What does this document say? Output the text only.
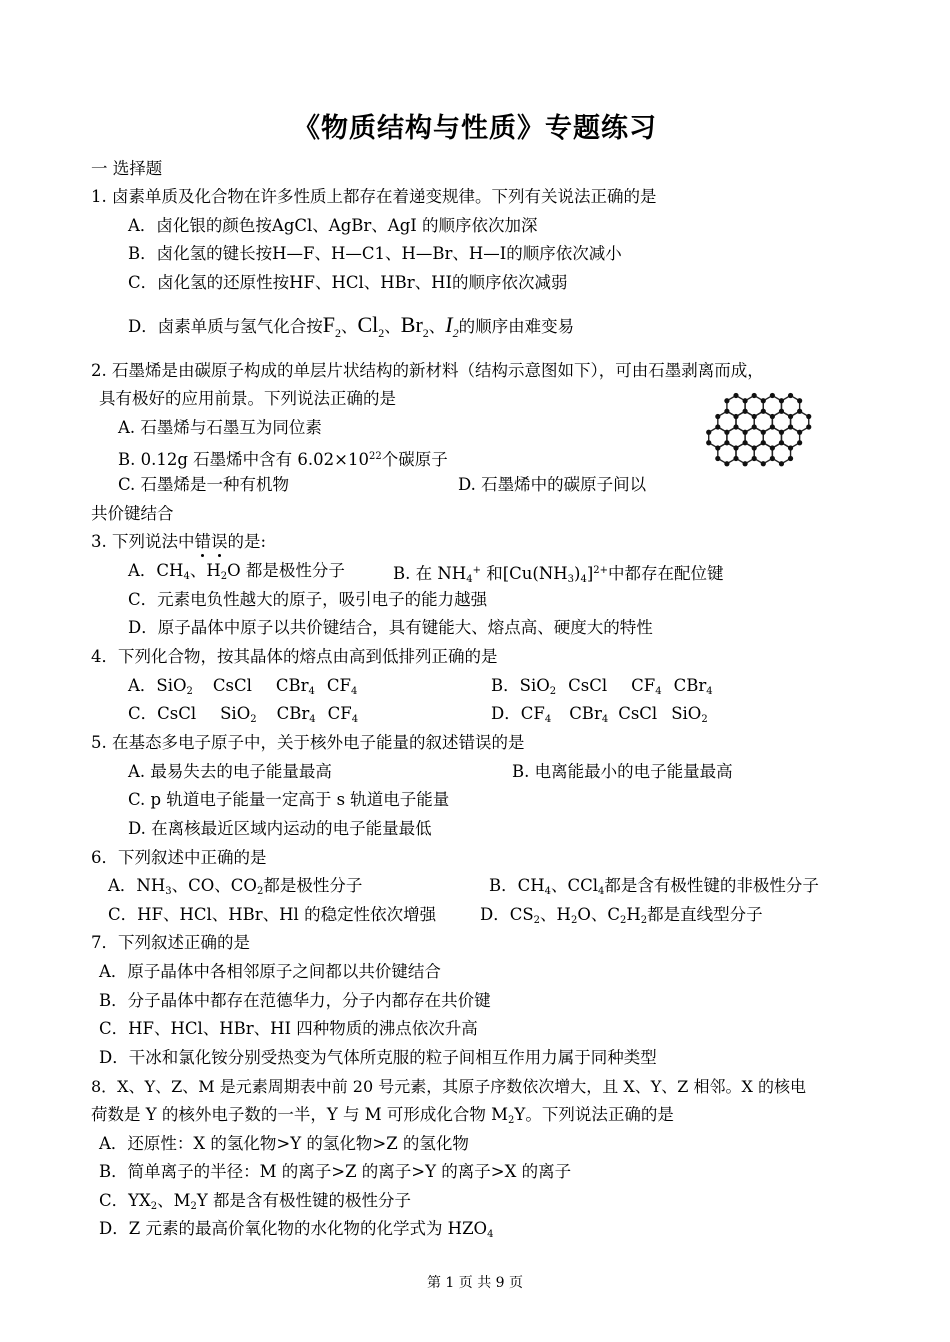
《物质结构与性质》专题练习
一 选择题
1. 卤素单质及化合物在许多性质上都存在着递变规律。下列有关说法正确的是
A．卤化银的颜色按AgCl、AgBr、AgI 的顺序依次加深
B．卤化氢的键长按H—F、H—C1、H—Br、H—I的顺序依次减小
C．卤化氢的还原性按HF、HCl、HBr、HI的顺序依次减弱
D．卤素单质与氢气化合按$F_2$、$Cl_2$、$Br_2$、$I_2$的顺序由难变易
2. 石墨烯是由碳原子构成的单层片状结构的新材料（结构示意图如下），可由石墨剥离而成，
具有极好的应用前景。下列说法正确的是
A. 石墨烯与石墨互为同位素
B. 0.12g 石墨烯中含有 $6.02\times 10^{22}$个碳原子
C. 石墨烯是一种有机物	D. 石墨烯中的碳原子间以
共价键结合
3. 下列说法中错误的是:
A．$CH_4$、$H_2O$ 都是极性分子	B. 在 $NH_4^+$ 和$[Cu(NH_3)_4]^{2+}$中都存在配位键
C．元素电负性越大的原子，吸引电子的能力越强
D．原子晶体中原子以共价键结合，具有键能大、熔点高、硬度大的特性
4．下列化合物，按其晶体的熔点由高到低排列正确的是
A．SiO$_2$ CsCl CBr$_4$ $CF_4$	B．SiO$_2$ CsCl $CF_4$ CBr$_4$
C．CsCl SiO$_2$ CBr$_4$ $CF_4$	D．$CF_4$ CBr$_4$ CsCl SiO$_2$
5. 在基态多电子原子中，关于核外电子能量的叙述错误的是
A. 最易失去的电子能量最高	B. 电离能最小的电子能量最高
C. p 轨道电子能量一定高于 s 轨道电子能量
D. 在离核最近区域内运动的电子能量最低
6．下列叙述中正确的是
A．$NH_3$、CO、$CO_2$都是极性分子	B．$CH_4$、CCl$_4$都是含有极性键的非极性分子
C．HF、HCl、HBr、Hl 的稳定性依次增强	D．$CS_2$、$H_2O$、$C_2H_2$都是直线型分子
7．下列叙述正确的是
A．原子晶体中各相邻原子之间都以共价键结合
B．分子晶体中都存在范德华力，分子内都存在共价键
C．HF、HCl、HBr、HI 四种物质的沸点依次升高
D．干冰和氯化铵分别受热变为气体所克服的粒子间相互作用力属于同种类型
8．X、Y、Z、M 是元素周期表中前 20 号元素，其原子序数依次增大，且 X、Y、Z 相邻。X 的核电
荷数是 Y 的核外电子数的一半，Y 与 M 可形成化合物 $M_2Y$。下列说法正确的是
A．还原性：X 的氢化物>Y 的氢化物>Z 的氢化物
B．简单离子的半径：M 的离子>Z 的离子>Y 的离子>X 的离子
C．$YX_2$、$M_2Y$ 都是含有极性键的极性分子
D．Z 元素的最高价氧化物的水化物的化学式为 $HZO_4$
第 1 页 共 9 页
